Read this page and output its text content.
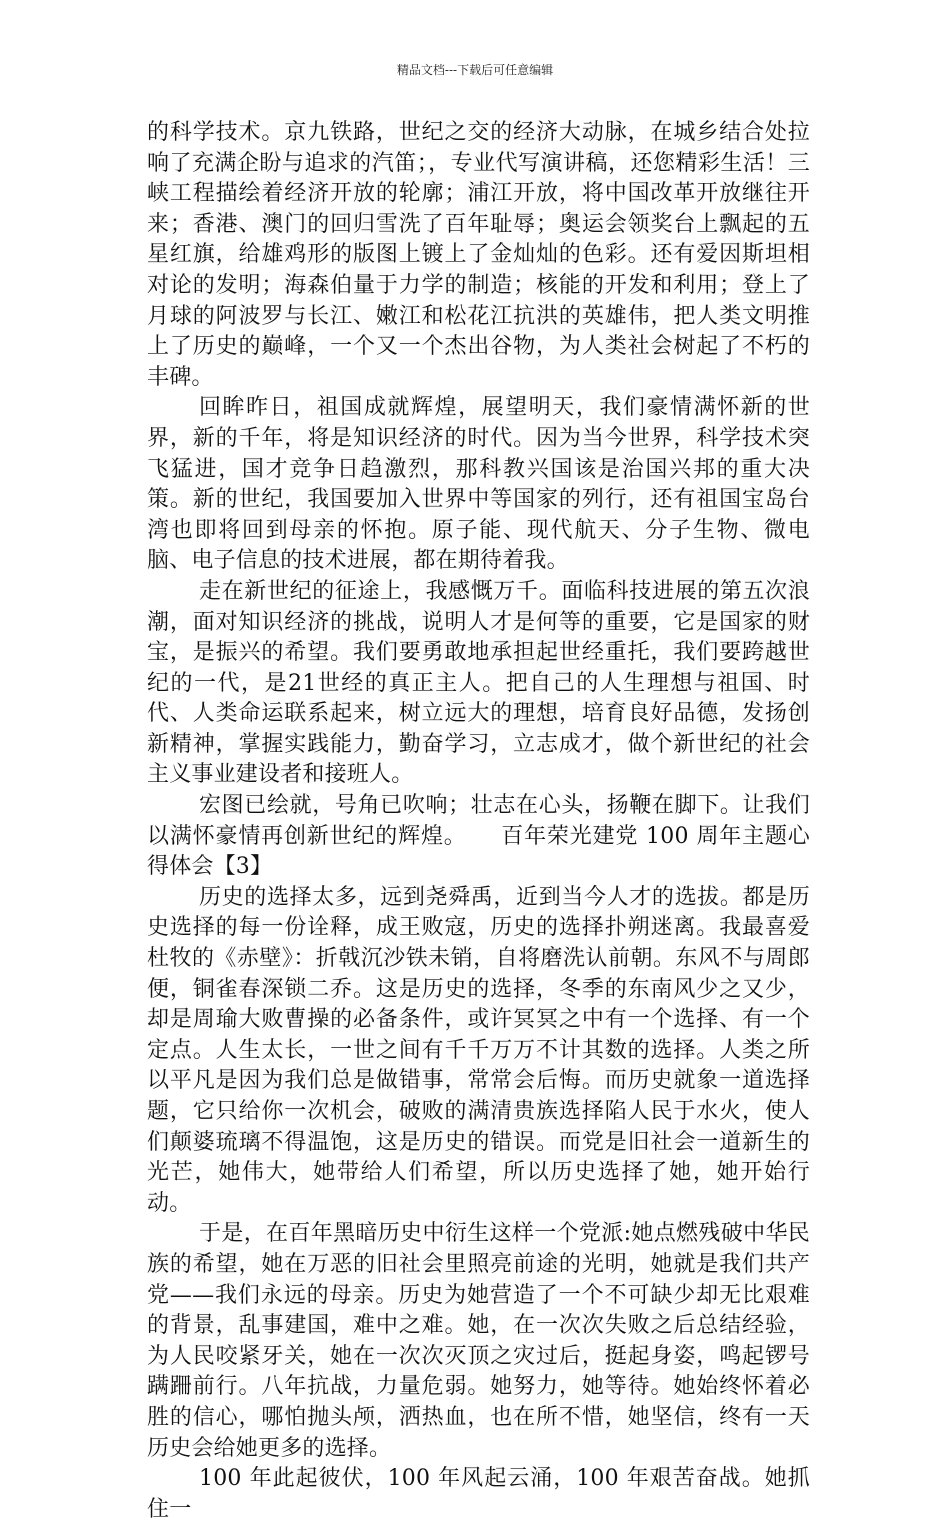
精品文档---下载后可任意编辑

的科学技术。京九铁路，世纪之交的经济大动脉，在城乡结合处拉响了充满企盼与追求的汽笛；，专业代写演讲稿，还您精彩生活！三峡工程描绘着经济开放的轮廓；浦江开放，将中国改革开放继往开来；香港、澳门的回归雪洗了百年耻辱；奥运会领奖台上飘起的五星红旗，给雄鸡形的版图上镀上了金灿灿的色彩。还有爱因斯坦相对论的发明；海森伯量于力学的制造；核能的开发和利用；登上了月球的阿波罗与长江、嫩江和松花江抗洪的英雄伟，把人类文明推上了历史的巅峰，一个又一个杰出谷物，为人类社会树起了不朽的丰碑。

回眸昨日，祖国成就辉煌，展望明天，我们豪情满怀新的世界，新的千年，将是知识经济的时代。因为当今世界，科学技术突飞猛进，国才竞争日趋激烈，那科教兴国该是治国兴邦的重大决策。新的世纪，我国要加入世界中等国家的列行，还有祖国宝岛台湾也即将回到母亲的怀抱。原子能、现代航天、分子生物、微电脑、电子信息的技术进展，都在期待着我。

走在新世纪的征途上，我感慨万千。面临科技进展的第五次浪潮，面对知识经济的挑战，说明人才是何等的重要，它是国家的财宝，是振兴的希望。我们要勇敢地承担起世经重托，我们要跨越世纪的一代，是21世经的真正主人。把自己的人生理想与祖国、时代、人类命运联系起来，树立远大的理想，培育良好品德，发扬创新精神，掌握实践能力，勤奋学习，立志成才，做个新世纪的社会主义事业建设者和接班人。

宏图已绘就，号角已吹响；壮志在心头，扬鞭在脚下。让我们以满怀豪情再创新世纪的辉煌。　　百年荣光建党 100 周年主题心得体会【3】

历史的选择太多，远到尧舜禹，近到当今人才的选拔。都是历史选择的每一份诠释，成王败寇，历史的选择扑朔迷离。我最喜爱杜牧的《赤壁》：折戟沉沙铁未销，自将磨洗认前朝。东风不与周郎便，铜雀春深锁二乔。这是历史的选择，冬季的东南风少之又少，却是周瑜大败曹操的必备条件，或许冥冥之中有一个选择、有一个定点。人生太长，一世之间有千千万万不计其数的选择。人类之所以平凡是因为我们总是做错事，常常会后悔。而历史就象一道选择题，它只给你一次机会，破败的满清贵族选择陷人民于水火，使人们颠婆琉璃不得温饱，这是历史的错误。而党是旧社会一道新生的光芒，她伟大，她带给人们希望，所以历史选择了她，她开始行动。

于是，在百年黑暗历史中衍生这样一个党派:她点燃残破中华民族的希望，她在万恶的旧社会里照亮前途的光明，她就是我们共产党——我们永远的母亲。历史为她营造了一个不可缺少却无比艰难的背景，乱事建国，难中之难。她，在一次次失败之后总结经验，为人民咬紧牙关，她在一次次灭顶之灾过后，挺起身姿，鸣起锣号蹒跚前行。八年抗战，力量危弱。她努力，她等待。她始终怀着必胜的信心，哪怕抛头颅，洒热血，也在所不惜，她坚信，终有一天历史会给她更多的选择。

100 年此起彼伏，100 年风起云涌，100 年艰苦奋战。她抓住一
